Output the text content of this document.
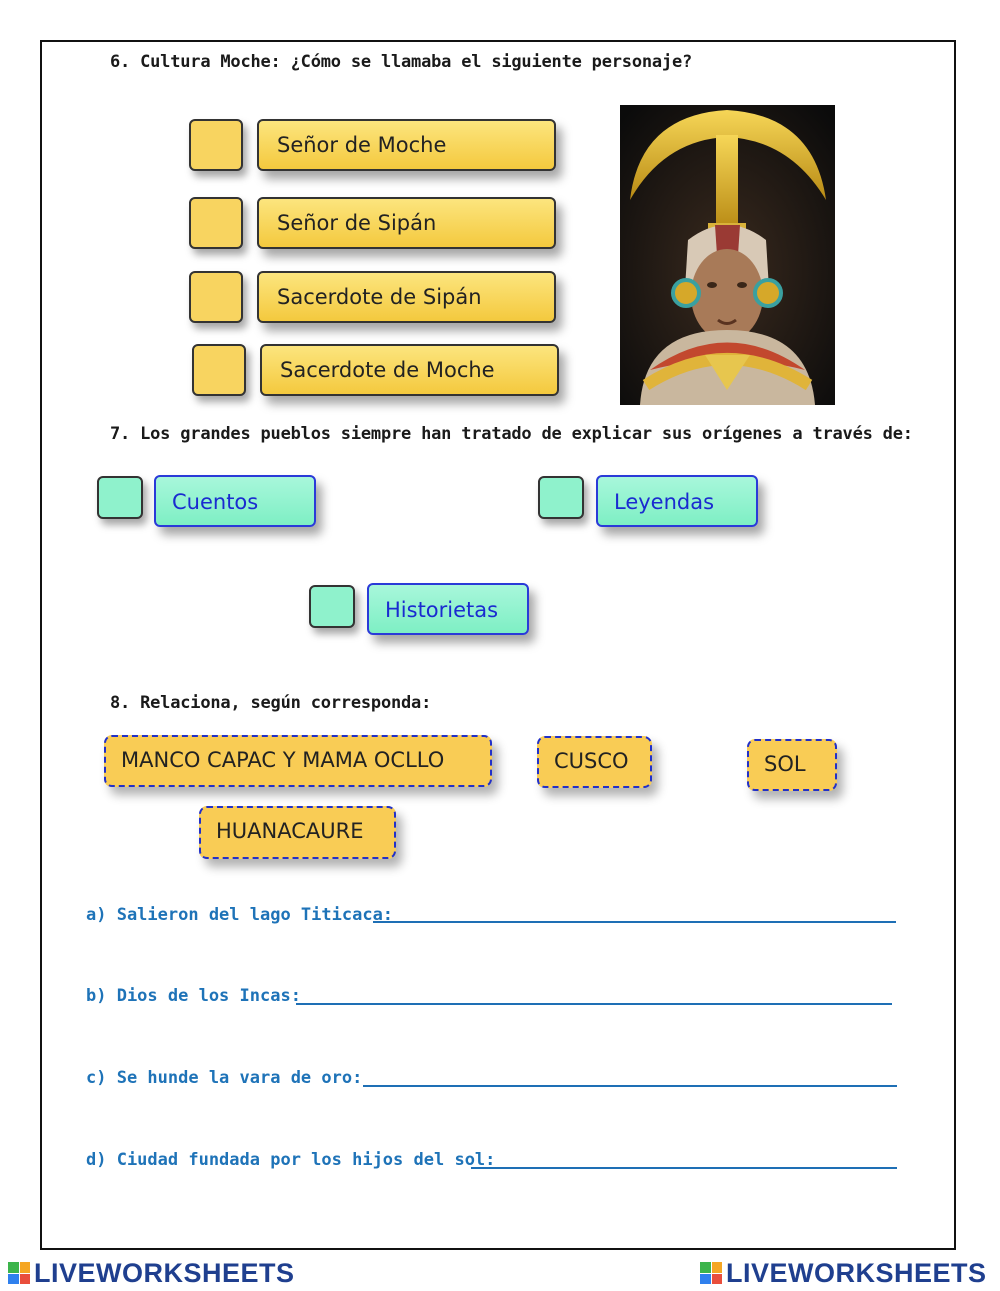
6. Cultura Moche: ¿Cómo se llamaba el siguiente personaje?
Señor de Moche
Señor de Sipán
Sacerdote de Sipán
Sacerdote de Moche
7. Los grandes pueblos siempre han tratado de explicar sus orígenes a través de:
Cuentos	Leyendas
Historietas
8. Relaciona, según corresponda:
MANCO CAPAC Y MAMA OCLLO	CUSCO	SOL
HUANACAURE
a) Salieron del lago Titicaca:
b) Dios de los Incas:
c) Se hunde la vara de oro:
d) Ciudad fundada por los hijos del sol:
LIVEWORKSHEETS	LIVEWORKSHEETS
